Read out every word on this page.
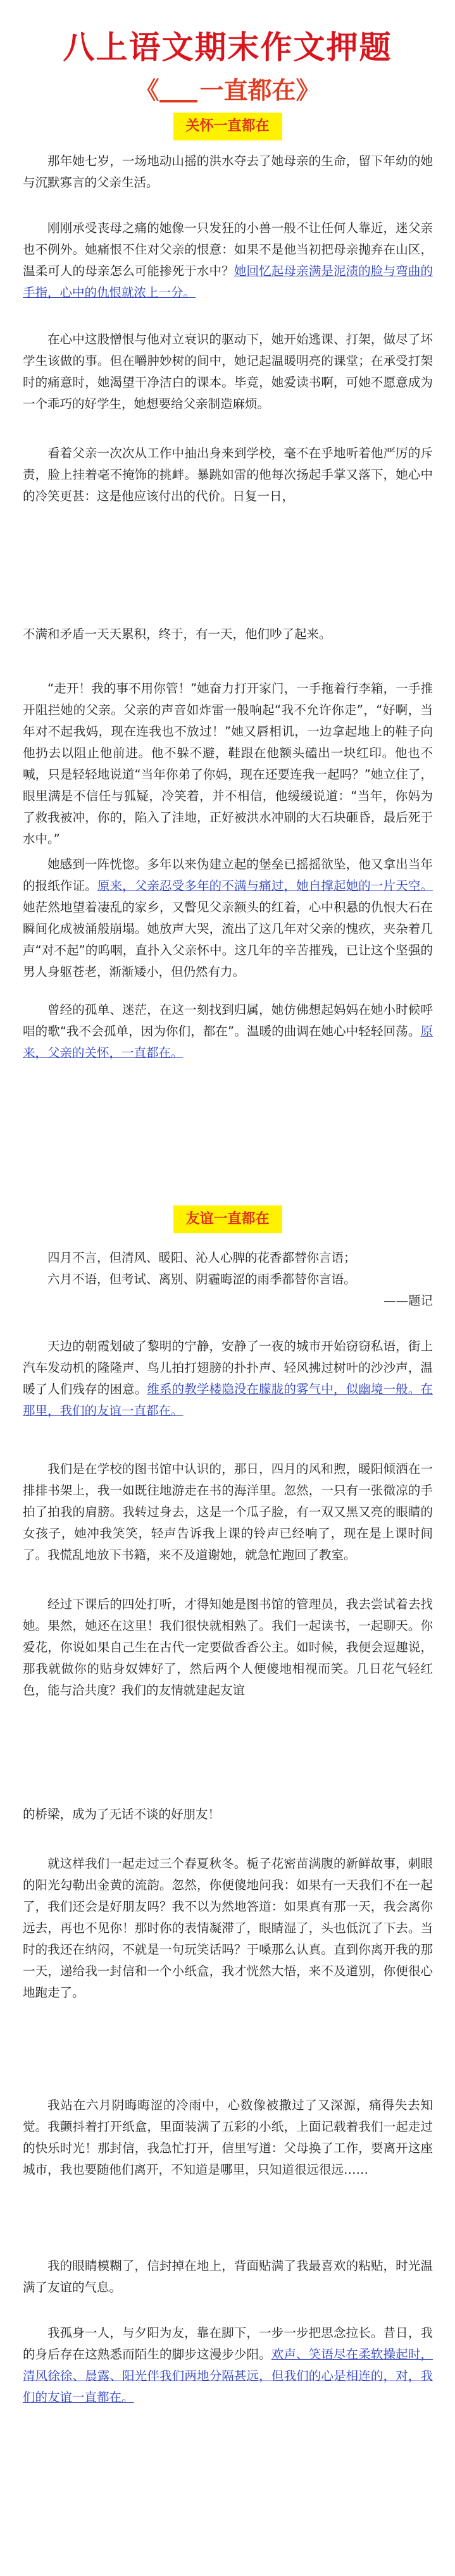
八上语文期末作文押题
《 一直都在》
关怀一直都在

那年她七岁，一场地动山摇的洪水夺去了她母亲的生命，留下年幼的她与沉默寡言的父亲生活。

刚刚承受丧母之痛的她像一只发狂的小兽一般不让任何人靠近，迷父亲也不例外。她痛恨不住对父亲的恨意：如果不是他当初把母亲抛弃在山区，温柔可人的母亲怎么可能掺死于水中？她回忆起母亲满是泥渍的脸与弯曲的手指，心中的仇恨就浓上一分。

在心中这股憎恨与他对立衰识的驱动下，她开始逃课、打架，做尽了坏学生该做的事。但在嚼肿妙树的间中，她记起温暖明亮的课堂；在承受打架时的痛意时，她渴望干净洁白的课本。毕竟，她爱读书啊，可她不愿意成为一个乖巧的好学生，她想要给父亲制造麻烦。

看着父亲一次次从工作中抽出身来到学校，毫不在乎地听着他严厉的斥责，脸上挂着毫不掩饰的挑衅。暴跳如雷的他每次扬起手掌又落下，她心中的冷笑更甚：这是他应该付出的代价。日复一日，

不满和矛盾一天天累积，终于，有一天，他们吵了起来。

“走开！我的事不用你管！”她奋力打开家门，一手拖着行李箱，一手推开阻拦她的父亲。父亲的声音如炸雷一般响起“我不允许你走”，“好啊，当年对不起我妈，现在连我也不放过！”她又唇相讥，一边拿起地上的鞋子向他扔去以阻止他前进。他不躲不避，鞋跟在他额头磕出一块红印。他也不喊，只是轻轻地说道“当年你弟了你妈，现在还要连我一起吗？”她立住了，眼里满是不信任与狐疑，冷笑着，并不相信，他缓缓说道：“当年，你妈为了救我被冲，你的，陷入了洼地，正好被洪水冲刷的大石块砸昏，最后死于水中。”

她感到一阵恍惚。多年以来伪建立起的堡垒已摇摇欲坠，他又拿出当年的报纸作证。原来，父亲忍受多年的不满与痛过，她自撑起她的一片天空。她茫然地望着凄乱的家乡，又瞥见父亲额头的红着，心中积悬的仇恨大石在瞬间化成被涌般崩塌。她放声大哭，流出了这几年对父亲的愧疚，夹杂着几声“对不起”的呜咽，直扑入父亲怀中。这几年的辛苦摧残，已让这个坚强的男人身躯苍老，渐渐矮小，但仍然有力。

曾经的孤单、迷茫，在这一刻找到归属，她仿佛想起妈妈在她小时候呼唱的歌“我不会孤单，因为你们，都在”。温暖的曲调在她心中轻轻回荡。原来，父亲的关怀，一直都在。

友谊一直都在
四月不言，但清风、暖阳、沁人心脾的花香都替你言语；
六月不语，但考试、离别、阴霾晦涩的雨季都替你言语。
——题记

天边的朝霞划破了黎明的宁静，安静了一夜的城市开始窃窃私语，街上汽车发动机的隆隆声、鸟儿拍打翅膀的扑扑声、轻风拂过树叶的沙沙声，温暖了人们残存的困意。维系的教学楼隐没在朦胧的雾气中，似幽境一般。在那里，我们的友谊一直都在。

我们是在学校的图书馆中认识的，那日，四月的风和煦，暖阳倾洒在一排排书架上，我一如既往地游走在书的海洋里。忽然，一只有一张微凉的手拍了拍我的肩膀。我转过身去，这是一个瓜子脸，有一双又黑又亮的眼睛的女孩子，她冲我笑笑，轻声告诉我上课的铃声已经响了，现在是上课时间了。我慌乱地放下书籍，来不及道谢她，就急忙跑回了教室。

经过下课后的四处打听，才得知她是图书馆的管理员，我去尝试着去找她。果然，她还在这里！我们很快就相熟了。我们一起读书，一起聊天。你爱花，你说如果自己生在古代一定要做香香公主。如时候，我便会逗趣说，那我就做你的贴身奴婢好了，然后两个人便傻地相视而笑。几日花气轻红色，能与洽共度？我们的友情就建起友谊

的桥梁，成为了无话不谈的好朋友！

就这样我们一起走过三个春夏秋冬。栀子花密苗满腹的新鲜故事，刺眼的阳光勾勒出金黄的流韵。忽然，你便傻地问我：如果有一天我们不在一起了，我们还会是好朋友吗？我不以为然地答道：如果真有那一天，我会离你远去，再也不见你！那时你的表情凝滞了，眼睛湿了，头也低沉了下去。当时的我还在纳闷，不就是一句玩笑话吗？于嗓那么认真。直到你离开我的那一天，递给我一封信和一个小纸盒，我才恍然大悟，来不及道别，你便很心地跑走了。

我站在六月阴晦晦涩的冷雨中，心数像被撒过了又深源，痛得失去知觉。我颤抖着打开纸盒，里面装满了五彩的小纸，上面记载着我们一起走过的快乐时光！那封信，我急忙打开，信里写道：父母换了工作，要离开这座城市，我也要随他们离开，不知道是哪里，只知道很远很远……

我的眼睛模糊了，信封掉在地上，背面贴满了我最喜欢的粘贴，时光温满了友谊的气息。

我孤身一人，与夕阳为友，靠在脚下，一步一步把思念拉长。昔日，我的身后存在这熟悉而陌生的脚步这漫步少阳。欢声、笑语尽在柔软操起时，清风徐徐、晨露、阳光伴我们两地分隔甚远，但我们的心是相连的，对，我们的友谊一直都在。
